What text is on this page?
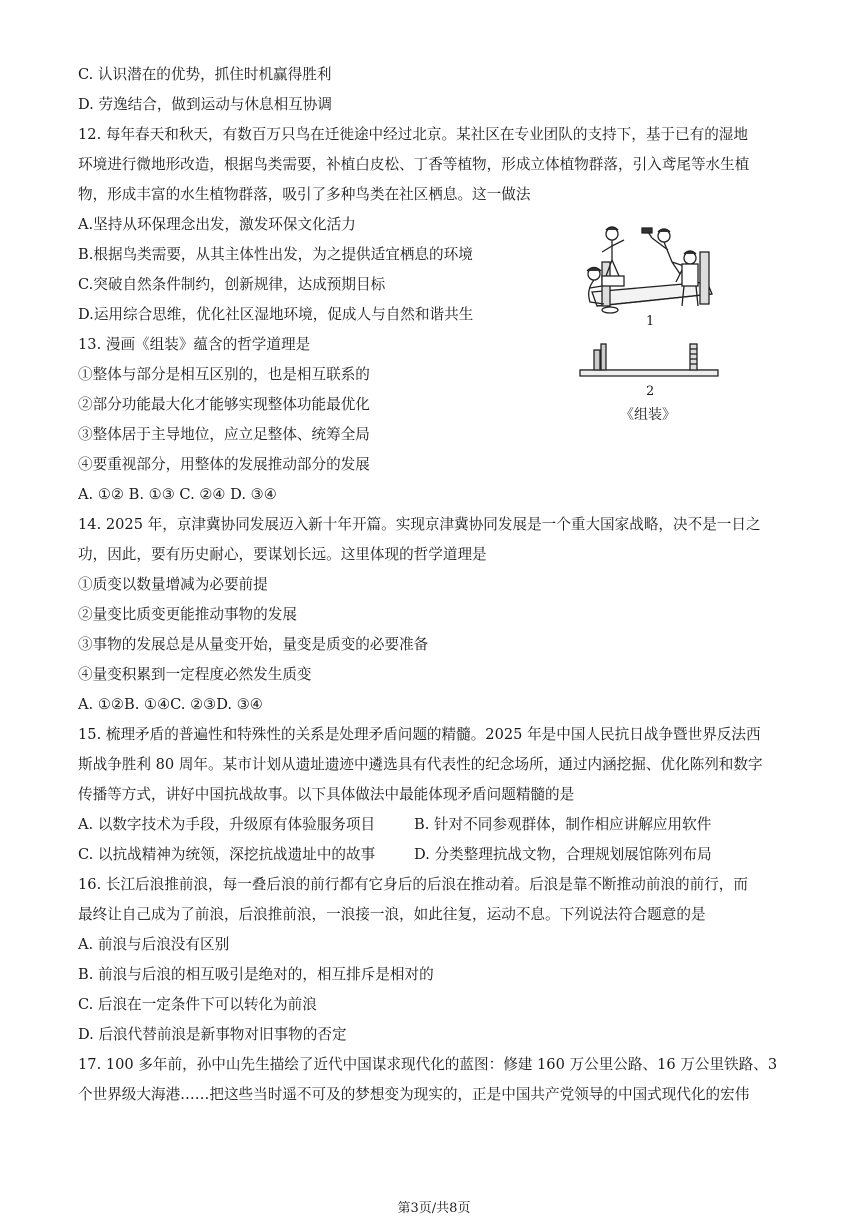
C. 认识潜在的优势，抓住时机赢得胜利
D. 劳逸结合，做到运动与休息相互协调
12. 每年春天和秋天，有数百万只鸟在迁徙途中经过北京。某社区在专业团队的支持下，基于已有的湿地
环境进行微地形改造，根据鸟类需要，补植白皮松、丁香等植物，形成立体植物群落，引入鸢尾等水生植
物，形成丰富的水生植物群落，吸引了多种鸟类在社区栖息。这一做法
A.坚持从环保理念出发，激发环保文化活力
B.根据鸟类需要，从其主体性出发，为之提供适宜栖息的环境
C.突破自然条件制约，创新规律，达成预期目标
D.运用综合思维，优化社区湿地环境，促成人与自然和谐共生
13. 漫画《组装》蕴含的哲学道理是
①整体与部分是相互区别的，也是相互联系的
②部分功能最大化才能够实现整体功能最优化
③整体居于主导地位，应立足整体、统筹全局
④要重视部分，用整体的发展推动部分的发展
A. ①② B. ①③ C. ②④ D. ③④
14. 2025 年，京津冀协同发展迈入新十年开篇。实现京津冀协同发展是一个重大国家战略，决不是一日之
功，因此，要有历史耐心，要谋划长远。这里体现的哲学道理是
①质变以数量增减为必要前提
②量变比质变更能推动事物的发展
③事物的发展总是从量变开始，量变是质变的必要准备
④量变积累到一定程度必然发生质变
A. ①②B. ①④C. ②③D. ③④
15. 梳理矛盾的普遍性和特殊性的关系是处理矛盾问题的精髓。2025 年是中国人民抗日战争暨世界反法西
斯战争胜利 80 周年。某市计划从遗址遗迹中遴选具有代表性的纪念场所，通过内涵挖掘、优化陈列和数字
传播等方式，讲好中国抗战故事。以下具体做法中最能体现矛盾问题精髓的是
A. 以数字技术为手段，升级原有体验服务项目	B. 针对不同参观群体，制作相应讲解应用软件
C. 以抗战精神为统领，深挖抗战遗址中的故事	D. 分类整理抗战文物，合理规划展馆陈列布局
16. 长江后浪推前浪，每一叠后浪的前行都有它身后的后浪在推动着。后浪是靠不断推动前浪的前行，而
最终让自己成为了前浪，后浪推前浪，一浪接一浪，如此往复，运动不息。下列说法符合题意的是
A. 前浪与后浪没有区别
B. 前浪与后浪的相互吸引是绝对的，相互排斥是相对的
C. 后浪在一定条件下可以转化为前浪
D. 后浪代替前浪是新事物对旧事物的否定
17. 100 多年前，孙中山先生描绘了近代中国谋求现代化的蓝图：修建 160 万公里公路、16 万公里铁路、3
个世界级大海港……把这些当时遥不可及的梦想变为现实的，正是中国共产党领导的中国式现代化的宏伟
1
2
《组装》
第3页/共8页
